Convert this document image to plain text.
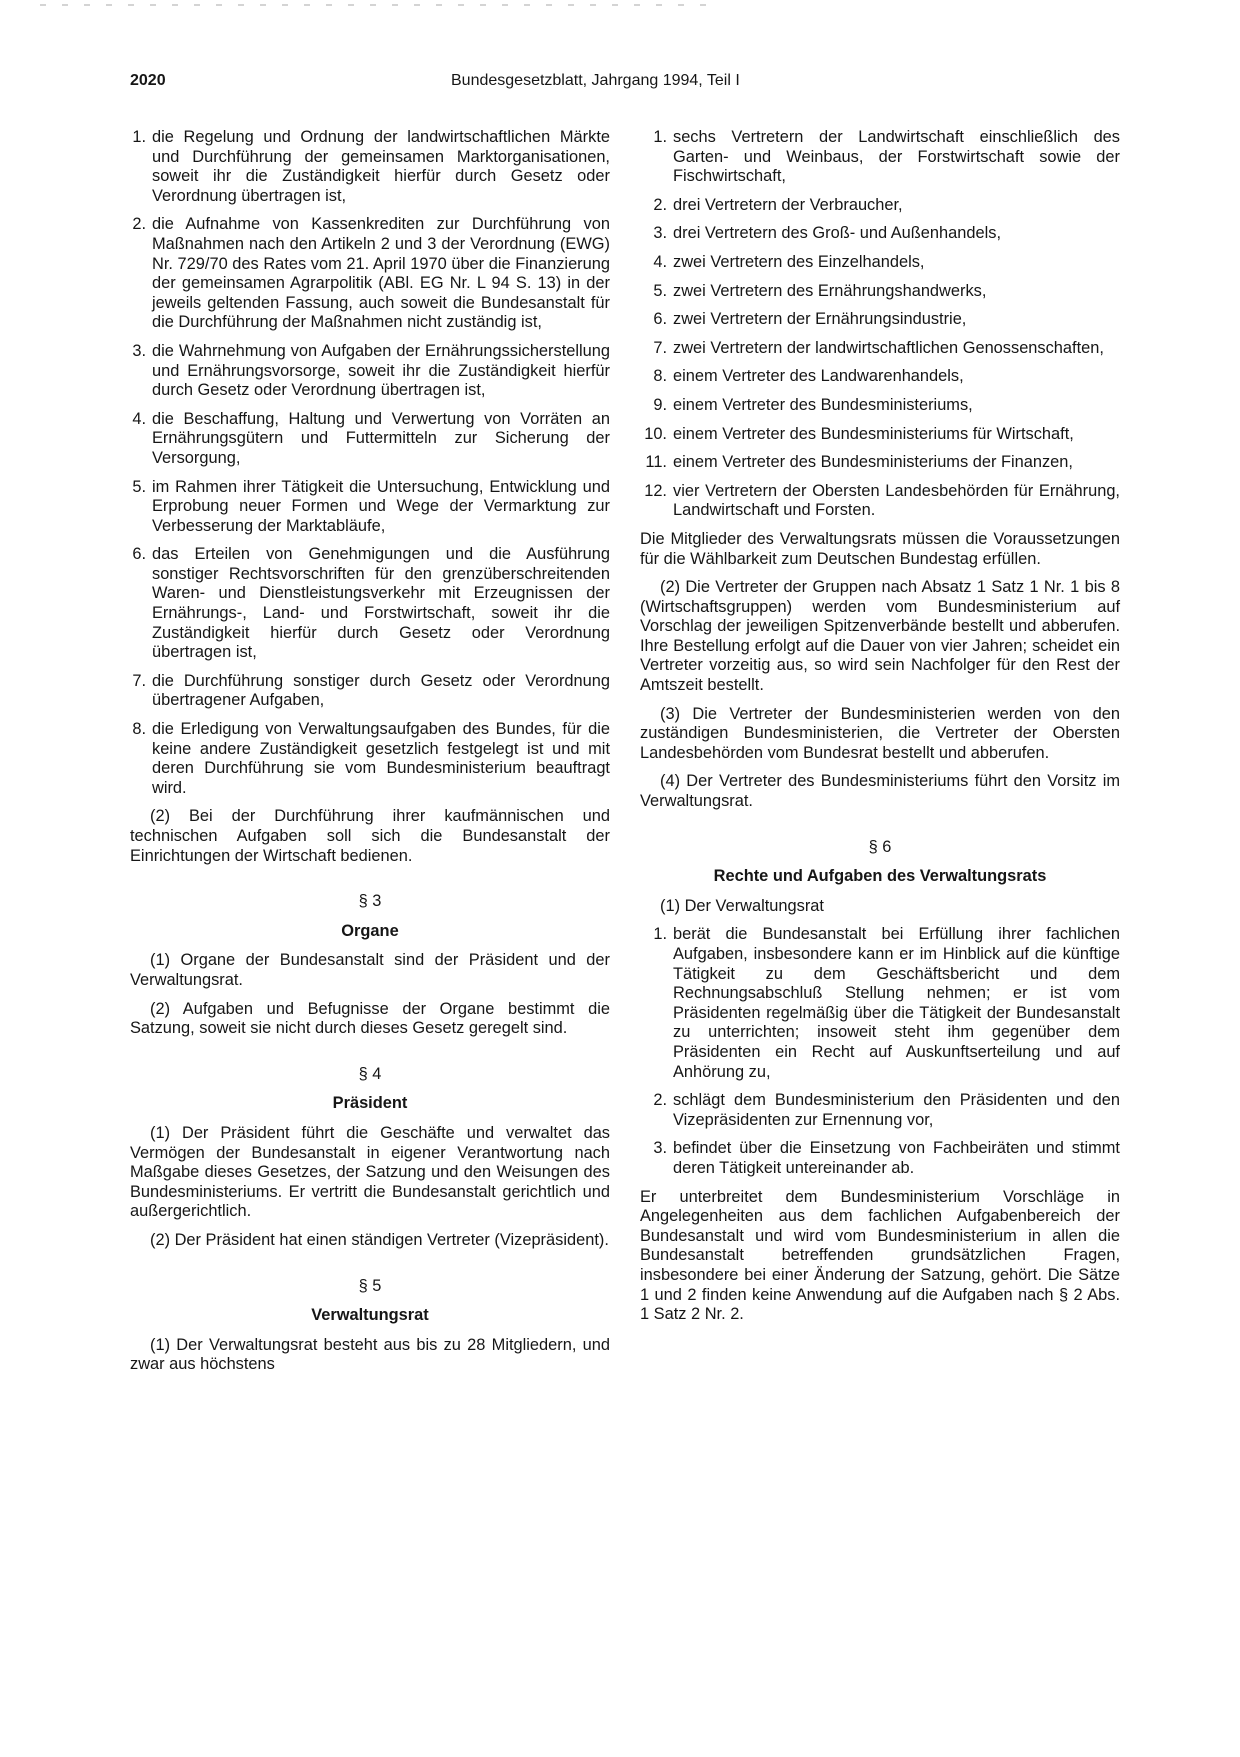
2020	Bundesgesetzblatt, Jahrgang 1994, Teil I
1. die Regelung und Ordnung der landwirtschaftlichen Märkte und Durchführung der gemeinsamen Marktorganisationen, soweit ihr die Zuständigkeit hierfür durch Gesetz oder Verordnung übertragen ist,
2. die Aufnahme von Kassenkrediten zur Durchführung von Maßnahmen nach den Artikeln 2 und 3 der Verordnung (EWG) Nr. 729/70 des Rates vom 21. April 1970 über die Finanzierung der gemeinsamen Agrarpolitik (ABl. EG Nr. L 94 S. 13) in der jeweils geltenden Fassung, auch soweit die Bundesanstalt für die Durchführung der Maßnahmen nicht zuständig ist,
3. die Wahrnehmung von Aufgaben der Ernährungssicherstellung und Ernährungsvorsorge, soweit ihr die Zuständigkeit hierfür durch Gesetz oder Verordnung übertragen ist,
4. die Beschaffung, Haltung und Verwertung von Vorräten an Ernährungsgütern und Futtermitteln zur Sicherung der Versorgung,
5. im Rahmen ihrer Tätigkeit die Untersuchung, Entwicklung und Erprobung neuer Formen und Wege der Vermarktung zur Verbesserung der Marktabläufe,
6. das Erteilen von Genehmigungen und die Ausführung sonstiger Rechtsvorschriften für den grenzüberschreitenden Waren- und Dienstleistungsverkehr mit Erzeugnissen der Ernährungs-, Land- und Forstwirtschaft, soweit ihr die Zuständigkeit hierfür durch Gesetz oder Verordnung übertragen ist,
7. die Durchführung sonstiger durch Gesetz oder Verordnung übertragener Aufgaben,
8. die Erledigung von Verwaltungsaufgaben des Bundes, für die keine andere Zuständigkeit gesetzlich festgelegt ist und mit deren Durchführung sie vom Bundesministerium beauftragt wird.

(2) Bei der Durchführung ihrer kaufmännischen und technischen Aufgaben soll sich die Bundesanstalt der Einrichtungen der Wirtschaft bedienen.

§ 3
Organe

(1) Organe der Bundesanstalt sind der Präsident und der Verwaltungsrat.

(2) Aufgaben und Befugnisse der Organe bestimmt die Satzung, soweit sie nicht durch dieses Gesetz geregelt sind.

§ 4
Präsident

(1) Der Präsident führt die Geschäfte und verwaltet das Vermögen der Bundesanstalt in eigener Verantwortung nach Maßgabe dieses Gesetzes, der Satzung und den Weisungen des Bundesministeriums. Er vertritt die Bundesanstalt gerichtlich und außergerichtlich.

(2) Der Präsident hat einen ständigen Vertreter (Vizepräsident).

§ 5
Verwaltungsrat

(1) Der Verwaltungsrat besteht aus bis zu 28 Mitgliedern, und zwar aus höchstens

1. sechs Vertretern der Landwirtschaft einschließlich des Garten- und Weinbaus, der Forstwirtschaft sowie der Fischwirtschaft,
2. drei Vertretern der Verbraucher,
3. drei Vertretern des Groß- und Außenhandels,
4. zwei Vertretern des Einzelhandels,
5. zwei Vertretern des Ernährungshandwerks,
6. zwei Vertretern der Ernährungsindustrie,
7. zwei Vertretern der landwirtschaftlichen Genossenschaften,
8. einem Vertreter des Landwarenhandels,
9. einem Vertreter des Bundesministeriums,
10. einem Vertreter des Bundesministeriums für Wirtschaft,
11. einem Vertreter des Bundesministeriums der Finanzen,
12. vier Vertretern der Obersten Landesbehörden für Ernährung, Landwirtschaft und Forsten.

Die Mitglieder des Verwaltungsrats müssen die Voraussetzungen für die Wählbarkeit zum Deutschen Bundestag erfüllen.

(2) Die Vertreter der Gruppen nach Absatz 1 Satz 1 Nr. 1 bis 8 (Wirtschaftsgruppen) werden vom Bundesministerium auf Vorschlag der jeweiligen Spitzenverbände bestellt und abberufen. Ihre Bestellung erfolgt auf die Dauer von vier Jahren; scheidet ein Vertreter vorzeitig aus, so wird sein Nachfolger für den Rest der Amtszeit bestellt.

(3) Die Vertreter der Bundesministerien werden von den zuständigen Bundesministerien, die Vertreter der Obersten Landesbehörden vom Bundesrat bestellt und abberufen.

(4) Der Vertreter des Bundesministeriums führt den Vorsitz im Verwaltungsrat.

§ 6
Rechte und Aufgaben des Verwaltungsrats

(1) Der Verwaltungsrat

1. berät die Bundesanstalt bei Erfüllung ihrer fachlichen Aufgaben, insbesondere kann er im Hinblick auf die künftige Tätigkeit zu dem Geschäftsbericht und dem Rechnungsabschluß Stellung nehmen; er ist vom Präsidenten regelmäßig über die Tätigkeit der Bundesanstalt zu unterrichten; insoweit steht ihm gegenüber dem Präsidenten ein Recht auf Auskunftserteilung und auf Anhörung zu,
2. schlägt dem Bundesministerium den Präsidenten und den Vizepräsidenten zur Ernennung vor,
3. befindet über die Einsetzung von Fachbeiräten und stimmt deren Tätigkeit untereinander ab.

Er unterbreitet dem Bundesministerium Vorschläge in Angelegenheiten aus dem fachlichen Aufgabenbereich der Bundesanstalt und wird vom Bundesministerium in allen die Bundesanstalt betreffenden grundsätzlichen Fragen, insbesondere bei einer Änderung der Satzung, gehört. Die Sätze 1 und 2 finden keine Anwendung auf die Aufgaben nach § 2 Abs. 1 Satz 2 Nr. 2.
